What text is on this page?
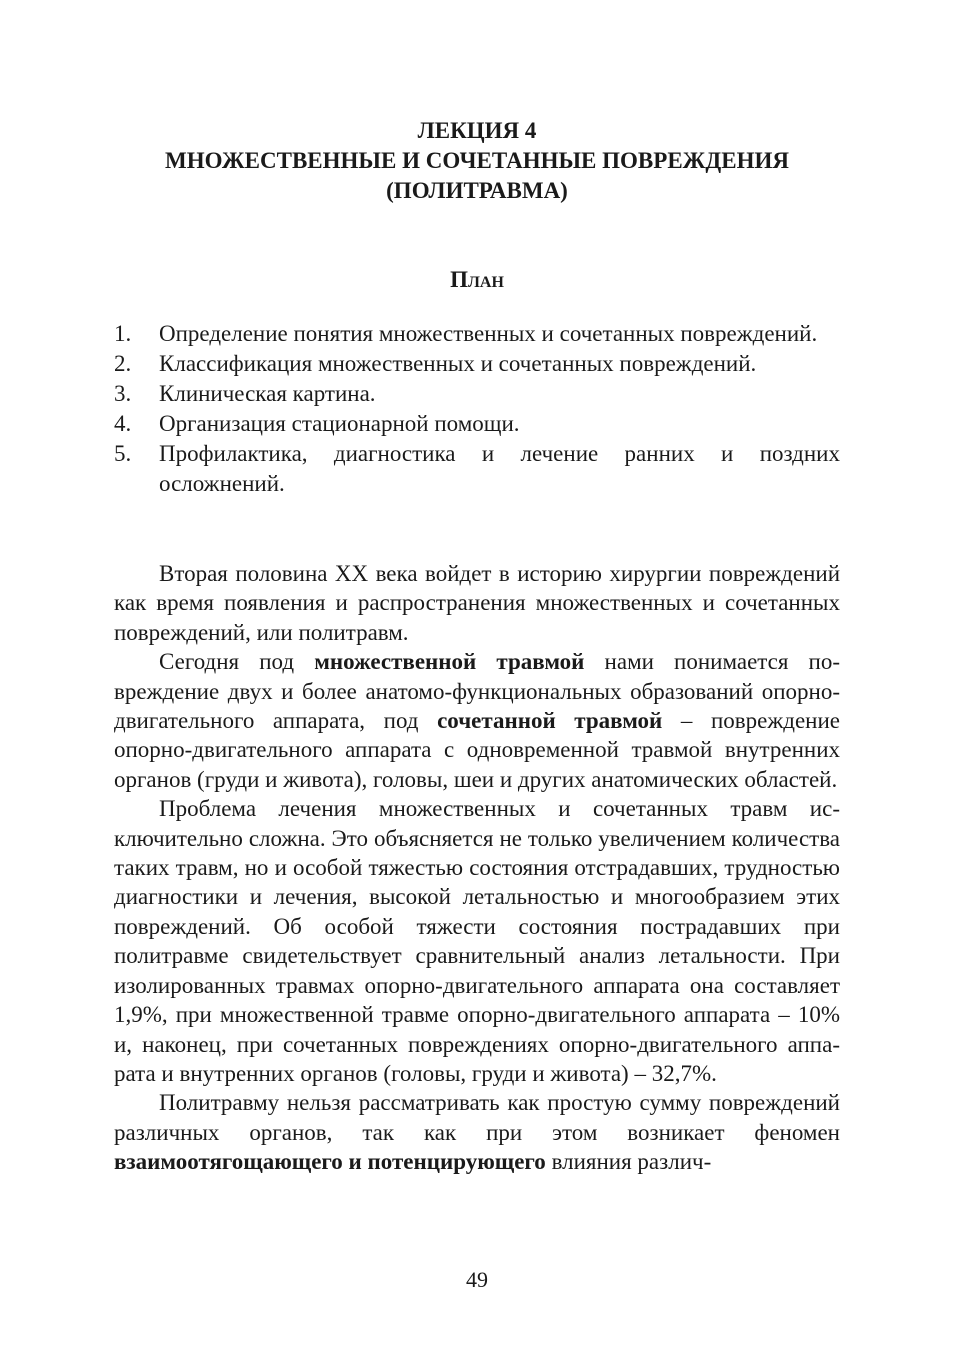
ЛЕКЦИЯ 4
МНОЖЕСТВЕННЫЕ И СОЧЕТАННЫЕ ПОВРЕЖДЕНИЯ
(ПОЛИТРАВМА)
План
1.	Определение понятия множественных и сочетанных повреждений.
2.	Классификация множественных и сочетанных повреждений.
3.	Клиническая картина.
4.	Организация стационарной помощи.
5.	Профилактика, диагностика и лечение ранних и поздних осложнений.

Вторая половина XX века войдет в историю хирургии повреждений как время появления и распространения множественных и сочетанных повреждений, или политравм.

Сегодня под множественной травмой нами понимается повреждение двух и более анатомо-функциональных образований опорно-двигательного аппарата, под сочетанной травмой – повреждение опорно-двигательного аппарата с одновременной травмой внутренних органов (груди и живота), головы, шеи и других анатомических областей.

Проблема лечения множественных и сочетанных травм исключительно сложна. Это объясняется не только увеличением количества таких травм, но и особой тяжестью состояния отстрадавших, трудностью диагностики и лечения, высокой летальностью и многообразием этих повреждений. Об особой тяжести состояния пострадавших при политравме свидетельствует сравнительный анализ летальности. При изолированных травмах опорно-двигательного аппарата она составляет 1,9%, при множественной травме опорно-двигательного аппарата – 10% и, наконец, при сочетанных повреждениях опорно-двигательного аппарата и внутренних органов (головы, груди и живота) – 32,7%.

Политравму нельзя рассматривать как простую сумму повреждений различных органов, так как при этом возникает феномен взаимоотягощающего и потенцирующего влияния различ-

49
